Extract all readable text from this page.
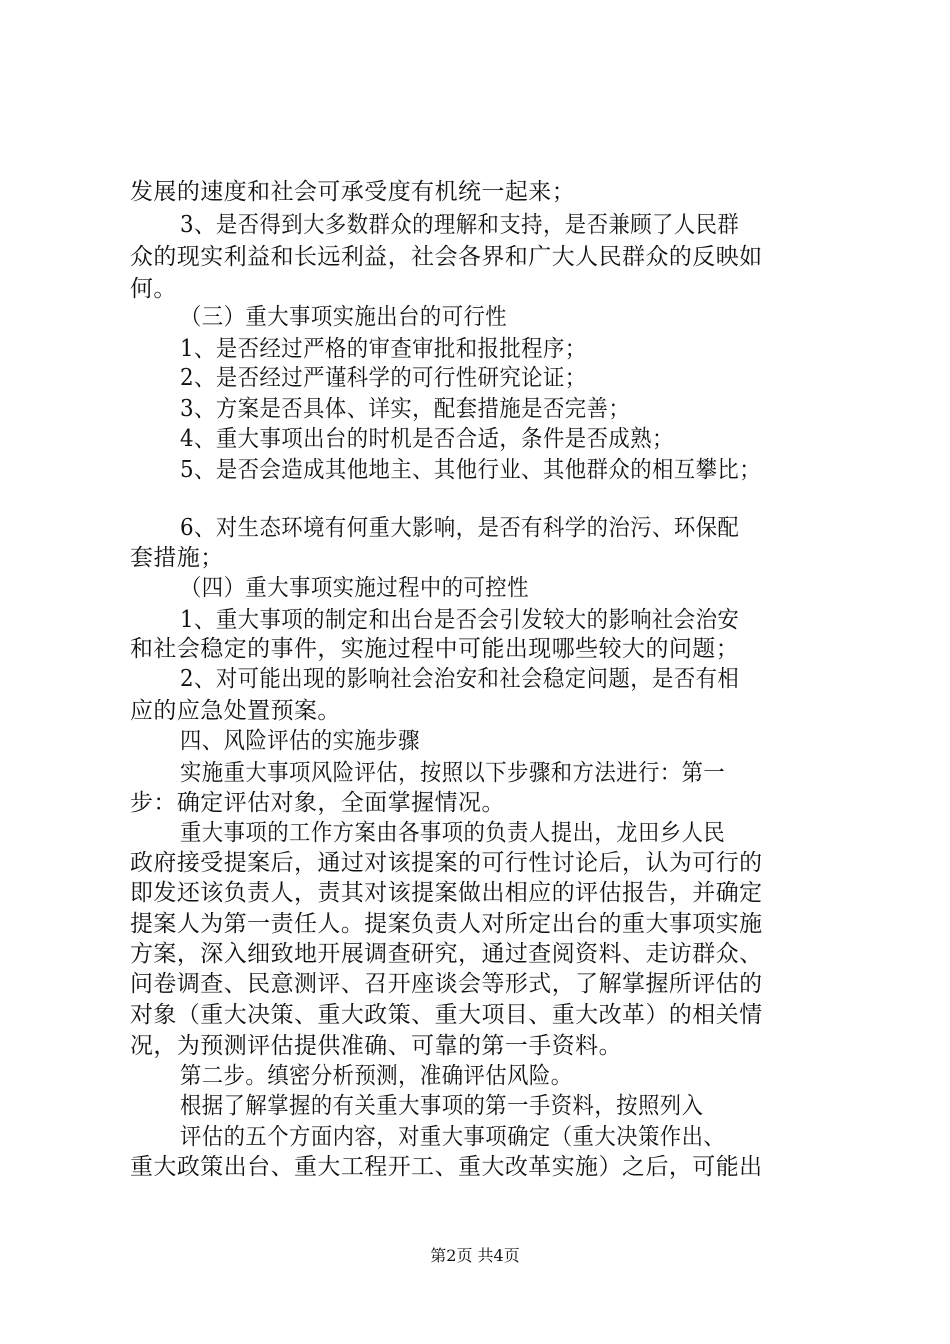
发展的速度和社会可承受度有机统一起来；
3、是否得到大多数群众的理解和支持，是否兼顾了人民群
众的现实利益和长远利益，社会各界和广大人民群众的反映如
何。
（三）重大事项实施出台的可行性
1、是否经过严格的审查审批和报批程序；
2、是否经过严谨科学的可行性研究论证；
3、方案是否具体、详实，配套措施是否完善；
4、重大事项出台的时机是否合适，条件是否成熟；
5、是否会造成其他地主、其他行业、其他群众的相互攀比；
6、对生态环境有何重大影响，是否有科学的治污、环保配
套措施；
（四）重大事项实施过程中的可控性
1、重大事项的制定和出台是否会引发较大的影响社会治安
和社会稳定的事件，实施过程中可能出现哪些较大的问题；
2、对可能出现的影响社会治安和社会稳定问题，是否有相
应的应急处置预案。
四、风险评估的实施步骤
实施重大事项风险评估，按照以下步骤和方法进行：第一
步：确定评估对象，全面掌握情况。
重大事项的工作方案由各事项的负责人提出，龙田乡人民
政府接受提案后，通过对该提案的可行性讨论后，认为可行的
即发还该负责人，责其对该提案做出相应的评估报告，并确定
提案人为第一责任人。提案负责人对所定出台的重大事项实施
方案，深入细致地开展调查研究，通过查阅资料、走访群众、
问卷调查、民意测评、召开座谈会等形式，了解掌握所评估的
对象（重大决策、重大政策、重大项目、重大改革）的相关情
况，为预测评估提供准确、可靠的第一手资料。
第二步。缜密分析预测，准确评估风险。
根据了解掌握的有关重大事项的第一手资料，按照列入
评估的五个方面内容，对重大事项确定（重大决策作出、
重大政策出台、重大工程开工、重大改革实施）之后，可能出
第2页 共4页
